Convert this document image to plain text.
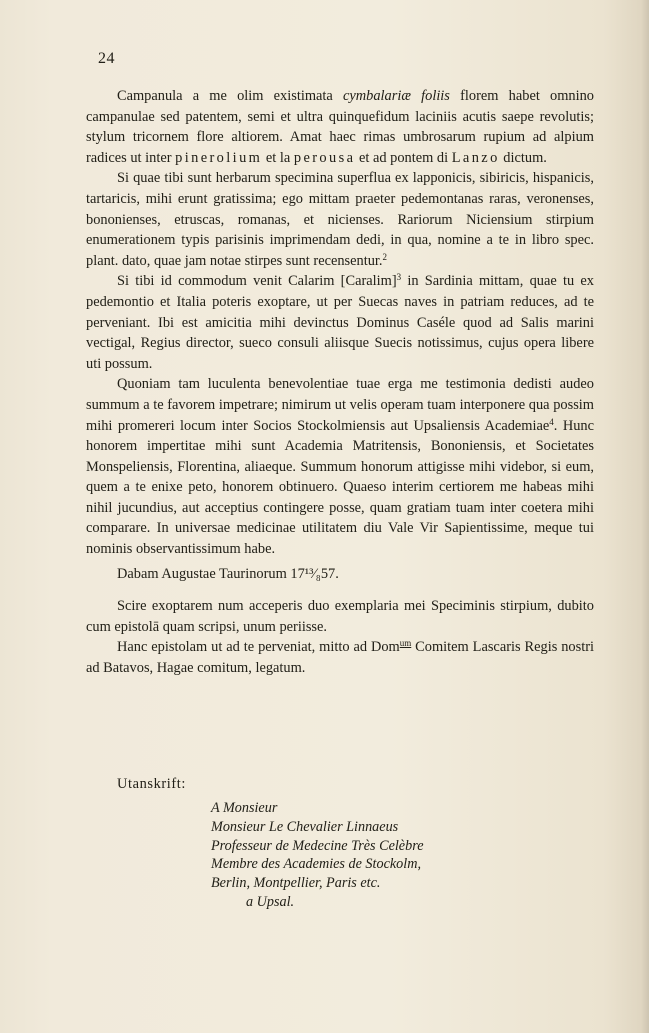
24

Campanula a me olim existimata cymbalariæ foliis florem habet omnino campanulae sed patentem, semi et ultra quinquefidum laciniis acutis saepe revolutis; stylum tricornem flore altiorem. Amat haec rimas umbrosarum rupium ad alpium radices ut inter pinerolium et la perousa et ad pontem di Lanzo dictum.

Si quae tibi sunt herbarum specimina superflua ex lapponicis, sibiricis, hispanicis, tartaricis, mihi erunt gratissima; ego mittam praeter pedemontanas raras, veronenses, bononienses, etruscas, romanas, et nicienses. Rariorum Niciensium stirpium enumerationem typis parisinis imprimendam dedi, in qua, nomine a te in libro spec. plant. dato, quae jam notae stirpes sunt recensentur.$^2$

Si tibi id commodum venit Calarim [Caralim]$^3$ in Sardinia mittam, quae tu ex pedemontio et Italia poteris exoptare, ut per Suecas naves in patriam reduces, ad te perveniant. Ibi est amicitia mihi devinctus Dominus Caséle quod ad Salis marini vectigal, Regius director, sueco consuli aliisque Suecis notissimus, cujus opera libere uti possum.

Quoniam tam luculenta benevolentiae tuae erga me testimonia dedisti audeo summum a te favorem impetrare; nimirum ut velis operam tuam interponere qua possim mihi promereri locum inter Socios Stockolmiensis aut Upsaliensis Academiae$^4$. Hunc honorem impertitae mihi sunt Academia Matritensis, Bononiensis, et Societates Monspeliensis, Florentina, aliaeque. Summum honorum attigisse mihi videbor, si eum, quem a te enixe peto, honorem obtinuero. Quaeso interim certiorem me habeas mihi nihil jucundius, aut acceptius contingere posse, quam gratiam tuam inter coetera mihi comparare. In universae medicinae utilitatem diu Vale Vir Sapientissime, meque tui nominis observantissimum habe.

Dabam Augustae Taurinorum 17¹³⁄₈57.

Scire exoptarem num acceperis duo exemplaria mei Speciminis stirpium, dubito cum epistolā quam scripsi, unum periisse.

Hanc epistolam ut ad te perveniat, mitto ad Dom$^{um}$ Comitem Lascaris Regis nostri ad Batavos, Hagae comitum, legatum.

Utanskrift:
A Monsieur
Monsieur Le Chevalier Linnaeus
Professeur de Medecine Très Celèbre
Membre des Academies de Stockolm,
Berlin, Montpellier, Paris etc.
a Upsal.
